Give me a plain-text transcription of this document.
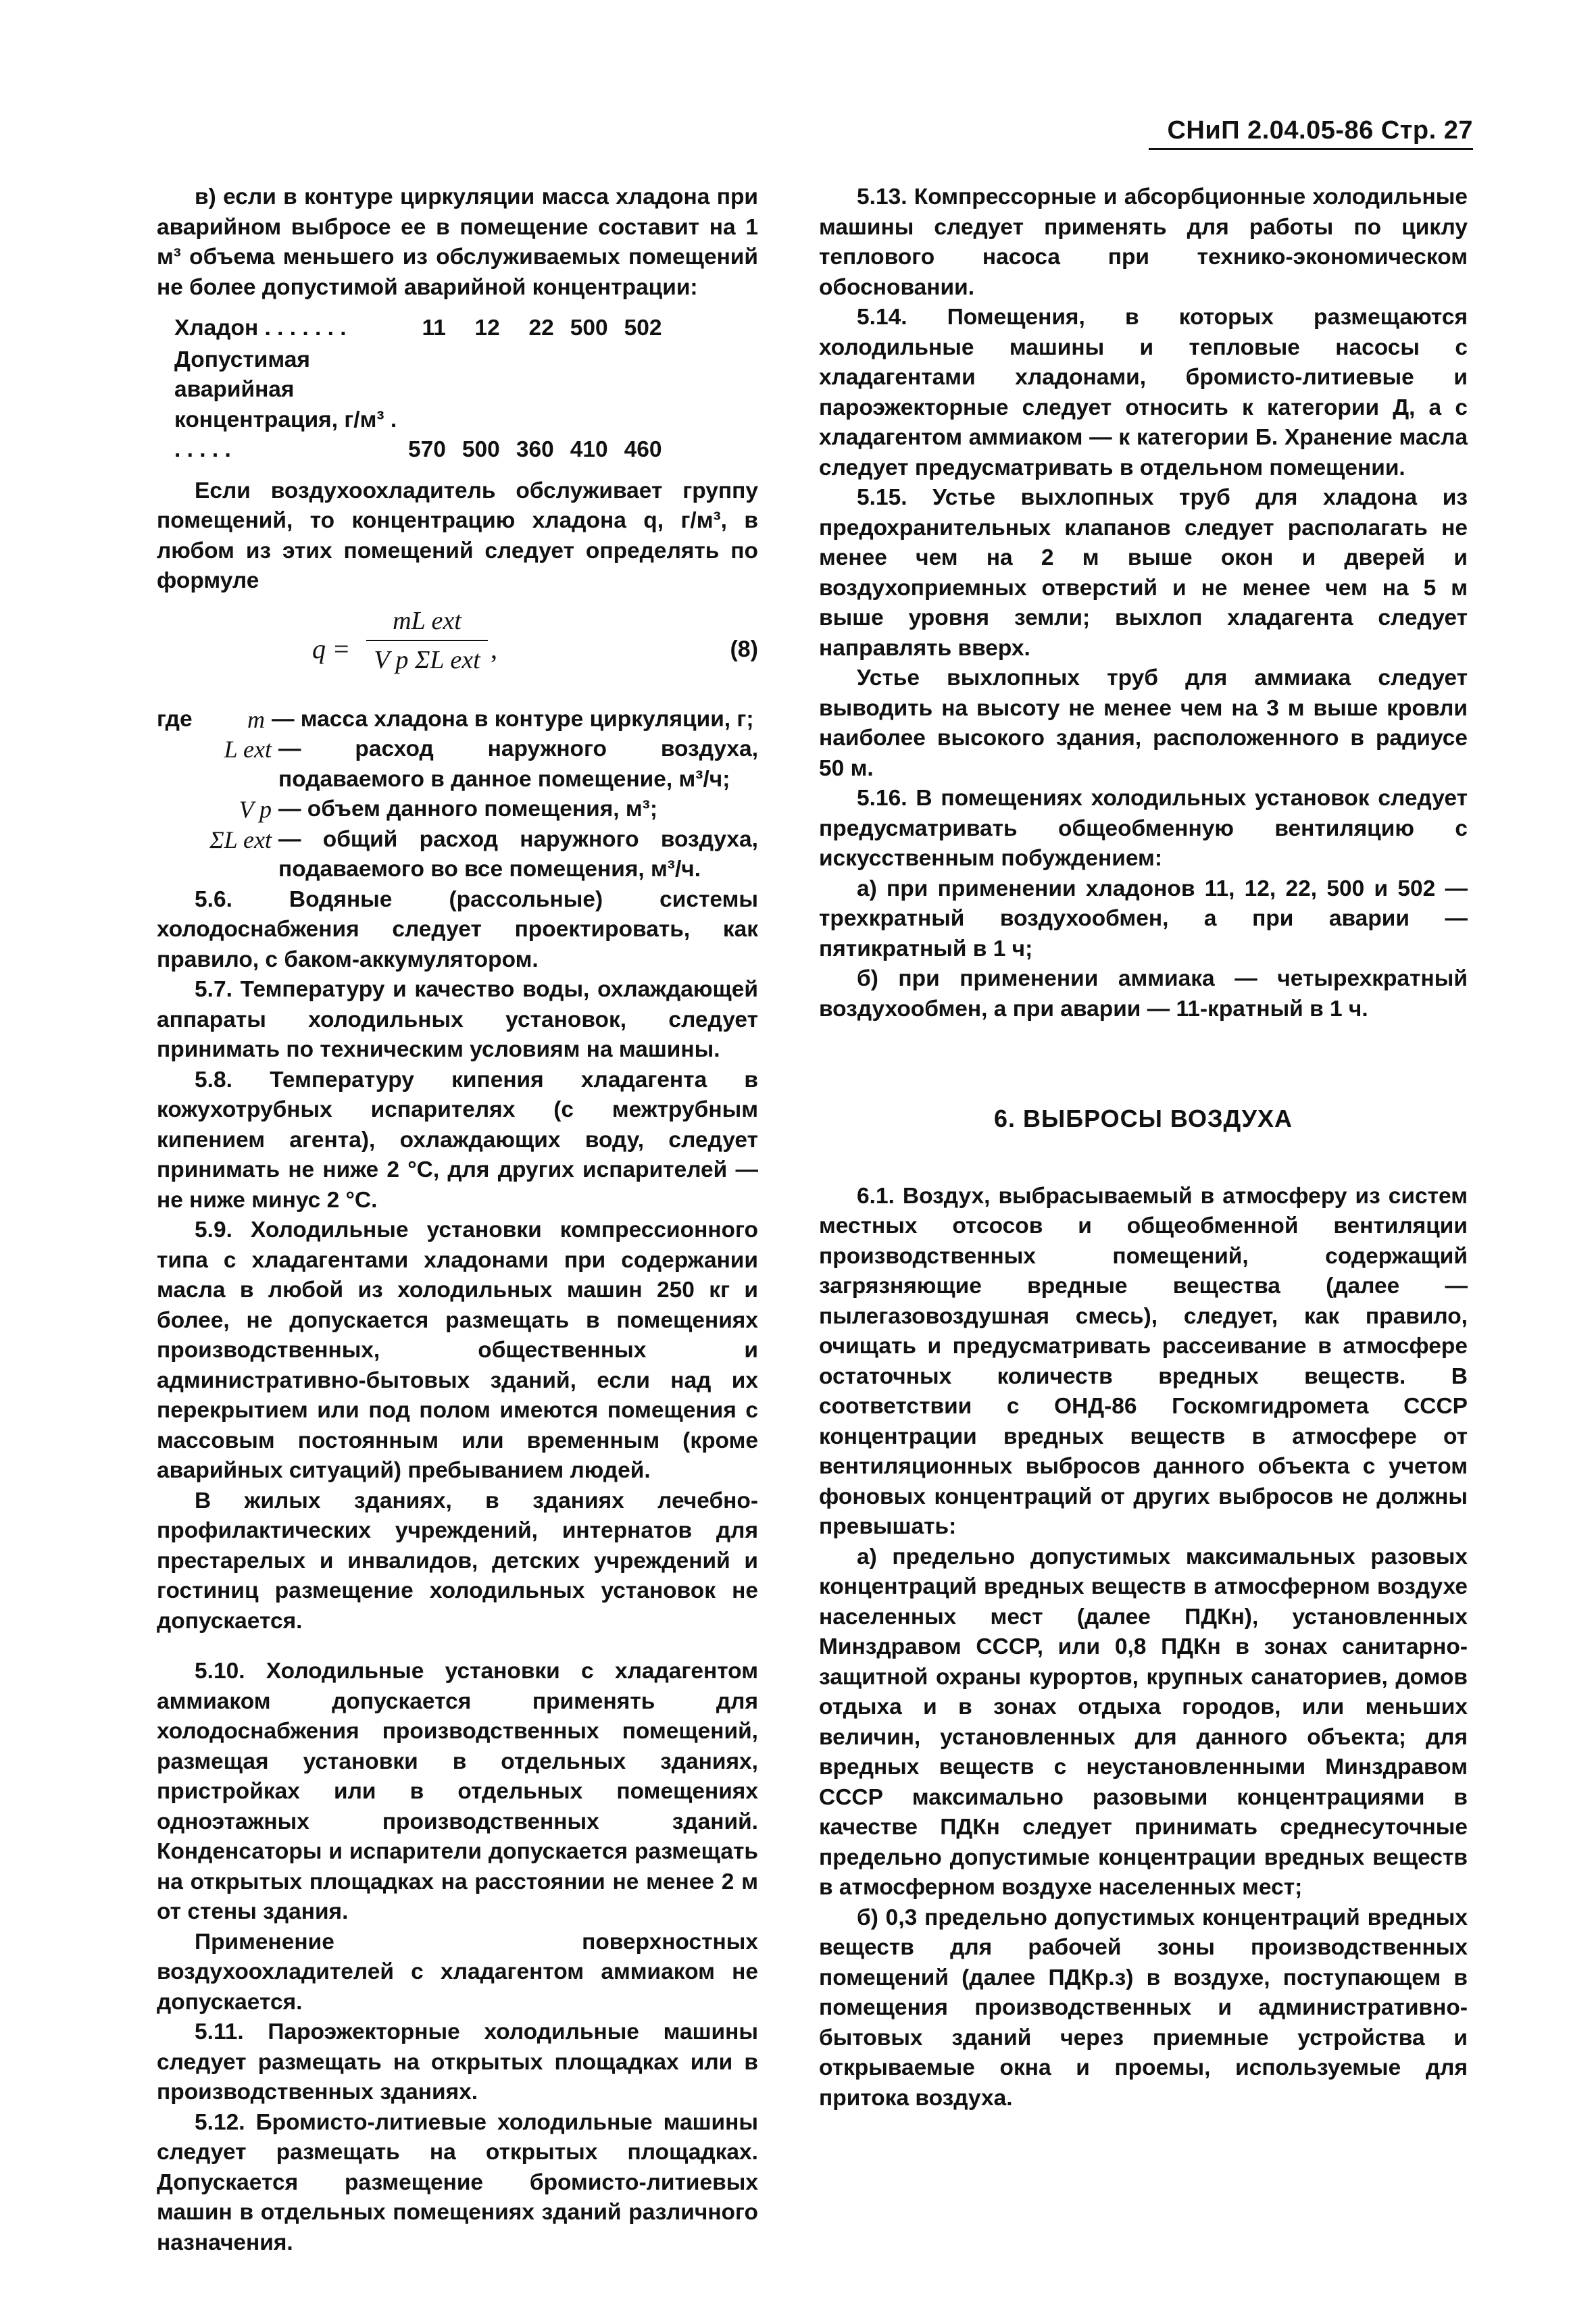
СНиП 2.04.05-86 Стр. 27

в) если в контуре циркуляции масса хладона при аварийном выбросе ее в помещение составит на 1 м³ объема меньшего из обслуживаемых помещений не более допустимой аварийной концентрации:

Хладон . . . . . . .	11	12	22	500	502
Допустимая аварийная концентрация, г/м³ . . . . . .	570	500	360	410	460

Если воздухоохладитель обслуживает группу помещений, то концентрацию хладона q, г/м³, в любом из этих помещений следует определять по формуле

q =
mL ext
V p ΣL ext ,	(8)
где	m — масса хладона в контуре циркуляции, г;
L ext — расход наружного воздуха, подаваемого в данное помещение, м³/ч;
V p — объем данного помещения, м³;
ΣL ext — общий расход наружного воздуха, подаваемого во все помещения, м³/ч.

5.6. Водяные (рассольные) системы холодоснабжения следует проектировать, как правило, с баком-аккумулятором.

5.7. Температуру и качество воды, охлаждающей аппараты холодильных установок, следует принимать по техническим условиям на машины.

5.8. Температуру кипения хладагента в кожухотрубных испарителях (с межтрубным кипением агента), охлаждающих воду, следует принимать не ниже 2 °С, для других испарителей — не ниже минус 2 °С.

5.9. Холодильные установки компрессионного типа с хладагентами хладонами при содержании масла в любой из холодильных машин 250 кг и более, не допускается размещать в помещениях производственных, общественных и административно-бытовых зданий, если над их перекрытием или под полом имеются помещения с массовым постоянным или временным (кроме аварийных ситуаций) пребыванием людей.

В жилых зданиях, в зданиях лечебно-профилактических учреждений, интернатов для престарелых и инвалидов, детских учреждений и гостиниц размещение холодильных установок не допускается.

5.10. Холодильные установки с хладагентом аммиаком допускается применять для холодоснабжения производственных помещений, размещая установки в отдельных зданиях, пристройках или в отдельных помещениях одноэтажных производственных зданий. Конденсаторы и испарители допускается размещать на открытых площадках на расстоянии не менее 2 м от стены здания.

Применение поверхностных воздухоохладителей с хладагентом аммиаком не допускается.

5.11. Пароэжекторные холодильные машины следует размещать на открытых площадках или в производственных зданиях.

5.12. Бромисто-литиевые холодильные машины следует размещать на открытых площадках. Допускается размещение бромисто-литиевых машин в отдельных помещениях зданий различного назначения.

5.13. Компрессорные и абсорбционные холодильные машины следует применять для работы по циклу теплового насоса при технико-экономическом обосновании.

5.14. Помещения, в которых размещаются холодильные машины и тепловые насосы с хладагентами хладонами, бромисто-литиевые и пароэжекторные следует относить к категории Д, а с хладагентом аммиаком — к категории Б. Хранение масла следует предусматривать в отдельном помещении.

5.15. Устье выхлопных труб для хладона из предохранительных клапанов следует располагать не менее чем на 2 м выше окон и дверей и воздухоприемных отверстий и не менее чем на 5 м выше уровня земли; выхлоп хладагента следует направлять вверх.

Устье выхлопных труб для аммиака следует выводить на высоту не менее чем на 3 м выше кровли наиболее высокого здания, расположенного в радиусе 50 м.

5.16. В помещениях холодильных установок следует предусматривать общеобменную вентиляцию с искусственным побуждением:

а) при применении хладонов 11, 12, 22, 500 и 502 — трехкратный воздухообмен, а при аварии — пятикратный в 1 ч;

б) при применении аммиака — четырехкратный воздухообмен, а при аварии — 11-кратный в 1 ч.

6. ВЫБРОСЫ ВОЗДУХА

6.1. Воздух, выбрасываемый в атмосферу из систем местных отсосов и общеобменной вентиляции производственных помещений, содержащий загрязняющие вредные вещества (далее — пылегазовоздушная смесь), следует, как правило, очищать и предусматривать рассеивание в атмосфере остаточных количеств вредных веществ. В соответствии с ОНД-86 Госкомгидромета СССР концентрации вредных веществ в атмосфере от вентиляционных выбросов данного объекта с учетом фоновых концентраций от других выбросов не должны превышать:

а) предельно допустимых максимальных разовых концентраций вредных веществ в атмосферном воздухе населенных мест (далее ПДКн), установленных Минздравом СССР, или 0,8 ПДКн в зонах санитарно-защитной охраны курортов, крупных санаториев, домов отдыха и в зонах отдыха городов, или меньших величин, установленных для данного объекта; для вредных веществ с неустановленными Минздравом СССР максимально разовыми концентрациями в качестве ПДКн следует принимать среднесуточные предельно допустимые концентрации вредных веществ в атмосферном воздухе населенных мест;

б) 0,3 предельно допустимых концентраций вредных веществ для рабочей зоны производственных помещений (далее ПДКр.з) в воздухе, поступающем в помещения производственных и административно-бытовых зданий через приемные устройства и открываемые окна и проемы, используемые для притока воздуха.
